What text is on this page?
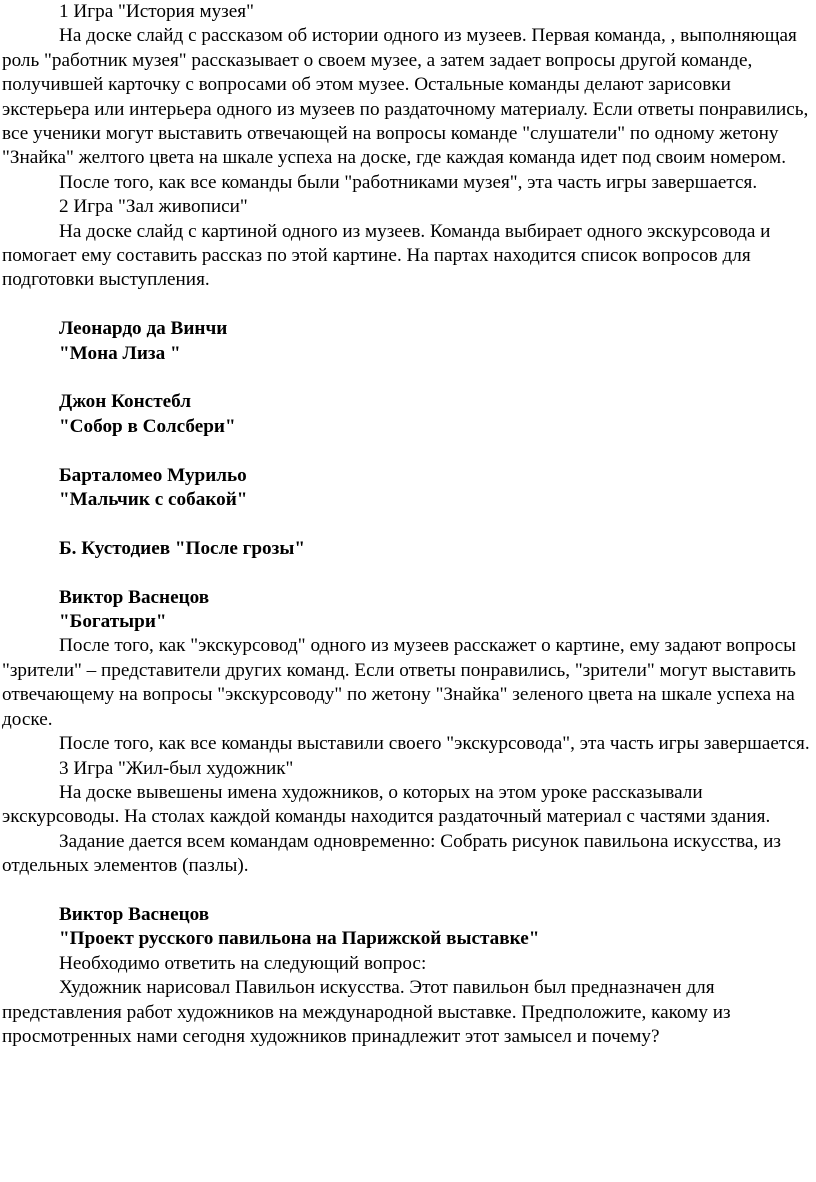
1 Игра "История музея"

На доске слайд с рассказом об истории одного из музеев. Первая команда, , выполняющая роль "работник музея" рассказывает о своем музее, а затем задает вопросы другой команде, получившей карточку с вопросами об этом музее. Остальные команды делают зарисовки экстерьера или интерьера одного из музеев по раздаточному материалу. Если ответы понравились, все ученики могут выставить отвечающей на вопросы команде "слушатели" по одному жетону "Знайка" желтого цвета на шкале успеха на доске, где каждая команда идет под своим номером.

После того, как все команды были "работниками музея", эта часть игры завершается.

2 Игра "Зал живописи"

На доске слайд с картиной одного из музеев. Команда выбирает одного экскурсовода и помогает ему составить рассказ по этой картине. На партах находится список вопросов для подготовки выступления.

Леонардо да Винчи

"Мона Лиза "

Джон Констебл

"Собор в Солсбери"

Барталомео Мурильо

"Мальчик с собакой"

Б. Кустодиев "После грозы"

Виктор Васнецов

"Богатыри"

После того, как "экскурсовод" одного из музеев расскажет о картине, ему задают вопросы "зрители" – представители других команд. Если ответы понравились, "зрители" могут выставить отвечающему на вопросы "экскурсоводу" по жетону "Знайка" зеленого цвета на шкале успеха на доске.

После того, как все команды выставили своего "экскурсовода", эта часть игры завершается.

3 Игра "Жил-был художник"

На доске вывешены имена художников, о которых на этом уроке рассказывали экскурсоводы. На столах каждой команды находится раздаточный материал с частями здания.

Задание дается всем командам одновременно: Собрать рисунок павильона искусства, из отдельных элементов (пазлы).

Виктор Васнецов

"Проект русского павильона на Парижской выставке"

Необходимо ответить на следующий вопрос:

Художник нарисовал Павильон искусства. Этот павильон был предназначен для представления работ художников на международной выставке. Предположите, какому из просмотренных нами сегодня художников принадлежит этот замысел и почему?
